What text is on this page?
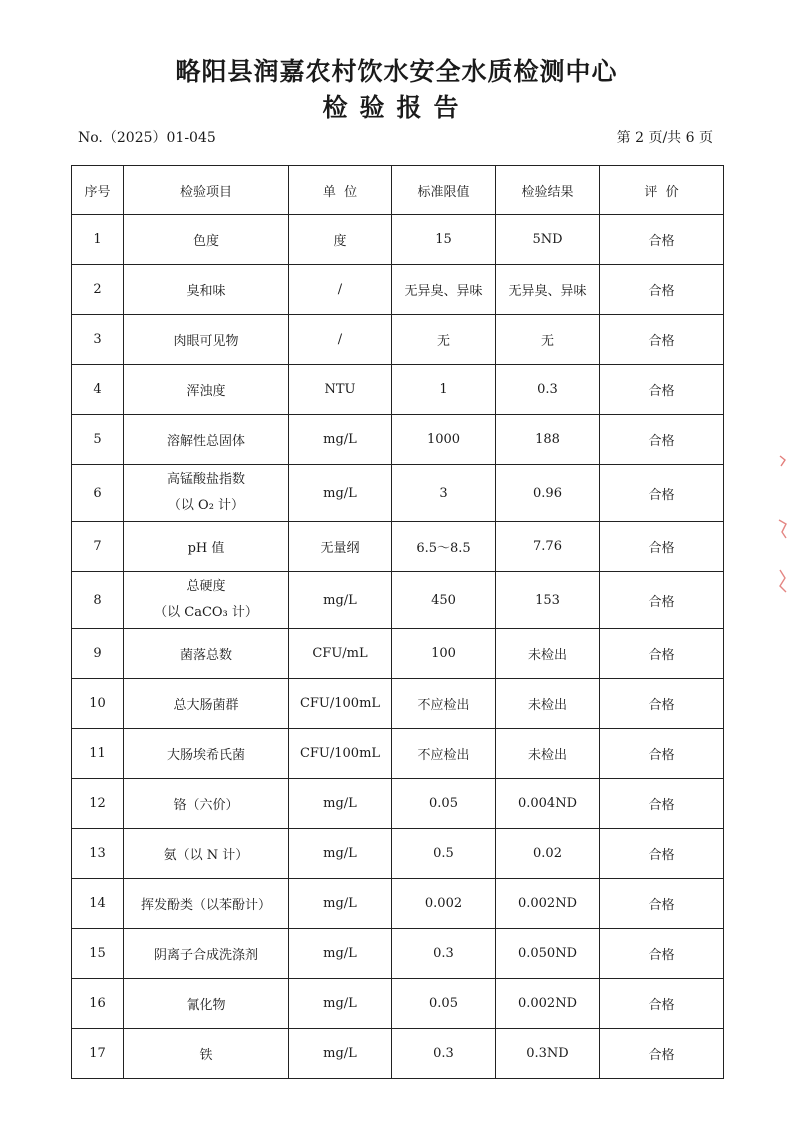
略阳县润嘉农村饮水安全水质检测中心
检验报告
No.（2025）01-045	第 2 页/共 6 页
序号	检验项目	单  位	标准限值	检验结果	评  价
1	色度	度	15	5ND	合格
2	臭和味	/	无异臭、异味	无异臭、异味	合格
3	肉眼可见物	/	无	无	合格
4	浑浊度	NTU	1	0.3	合格
5	溶解性总固体	mg/L	1000	188	合格
6	高锰酸盐指数
（以 O₂ 计）	mg/L	3	0.96	合格
7	pH 值	无量纲	6.5～8.5	7.76	合格
8	总硬度
（以 CaCO₃ 计）	mg/L	450	153	合格
9	菌落总数	CFU/mL	100	未检出	合格
10	总大肠菌群	CFU/100mL	不应检出	未检出	合格
11	大肠埃希氏菌	CFU/100mL	不应检出	未检出	合格
12	铬（六价）	mg/L	0.05	0.004ND	合格
13	氨（以 N 计）	mg/L	0.5	0.02	合格
14	挥发酚类（以苯酚计）	mg/L	0.002	0.002ND	合格
15	阴离子合成洗涤剂	mg/L	0.3	0.050ND	合格
16	氰化物	mg/L	0.05	0.002ND	合格
17	铁	mg/L	0.3	0.3ND	合格
